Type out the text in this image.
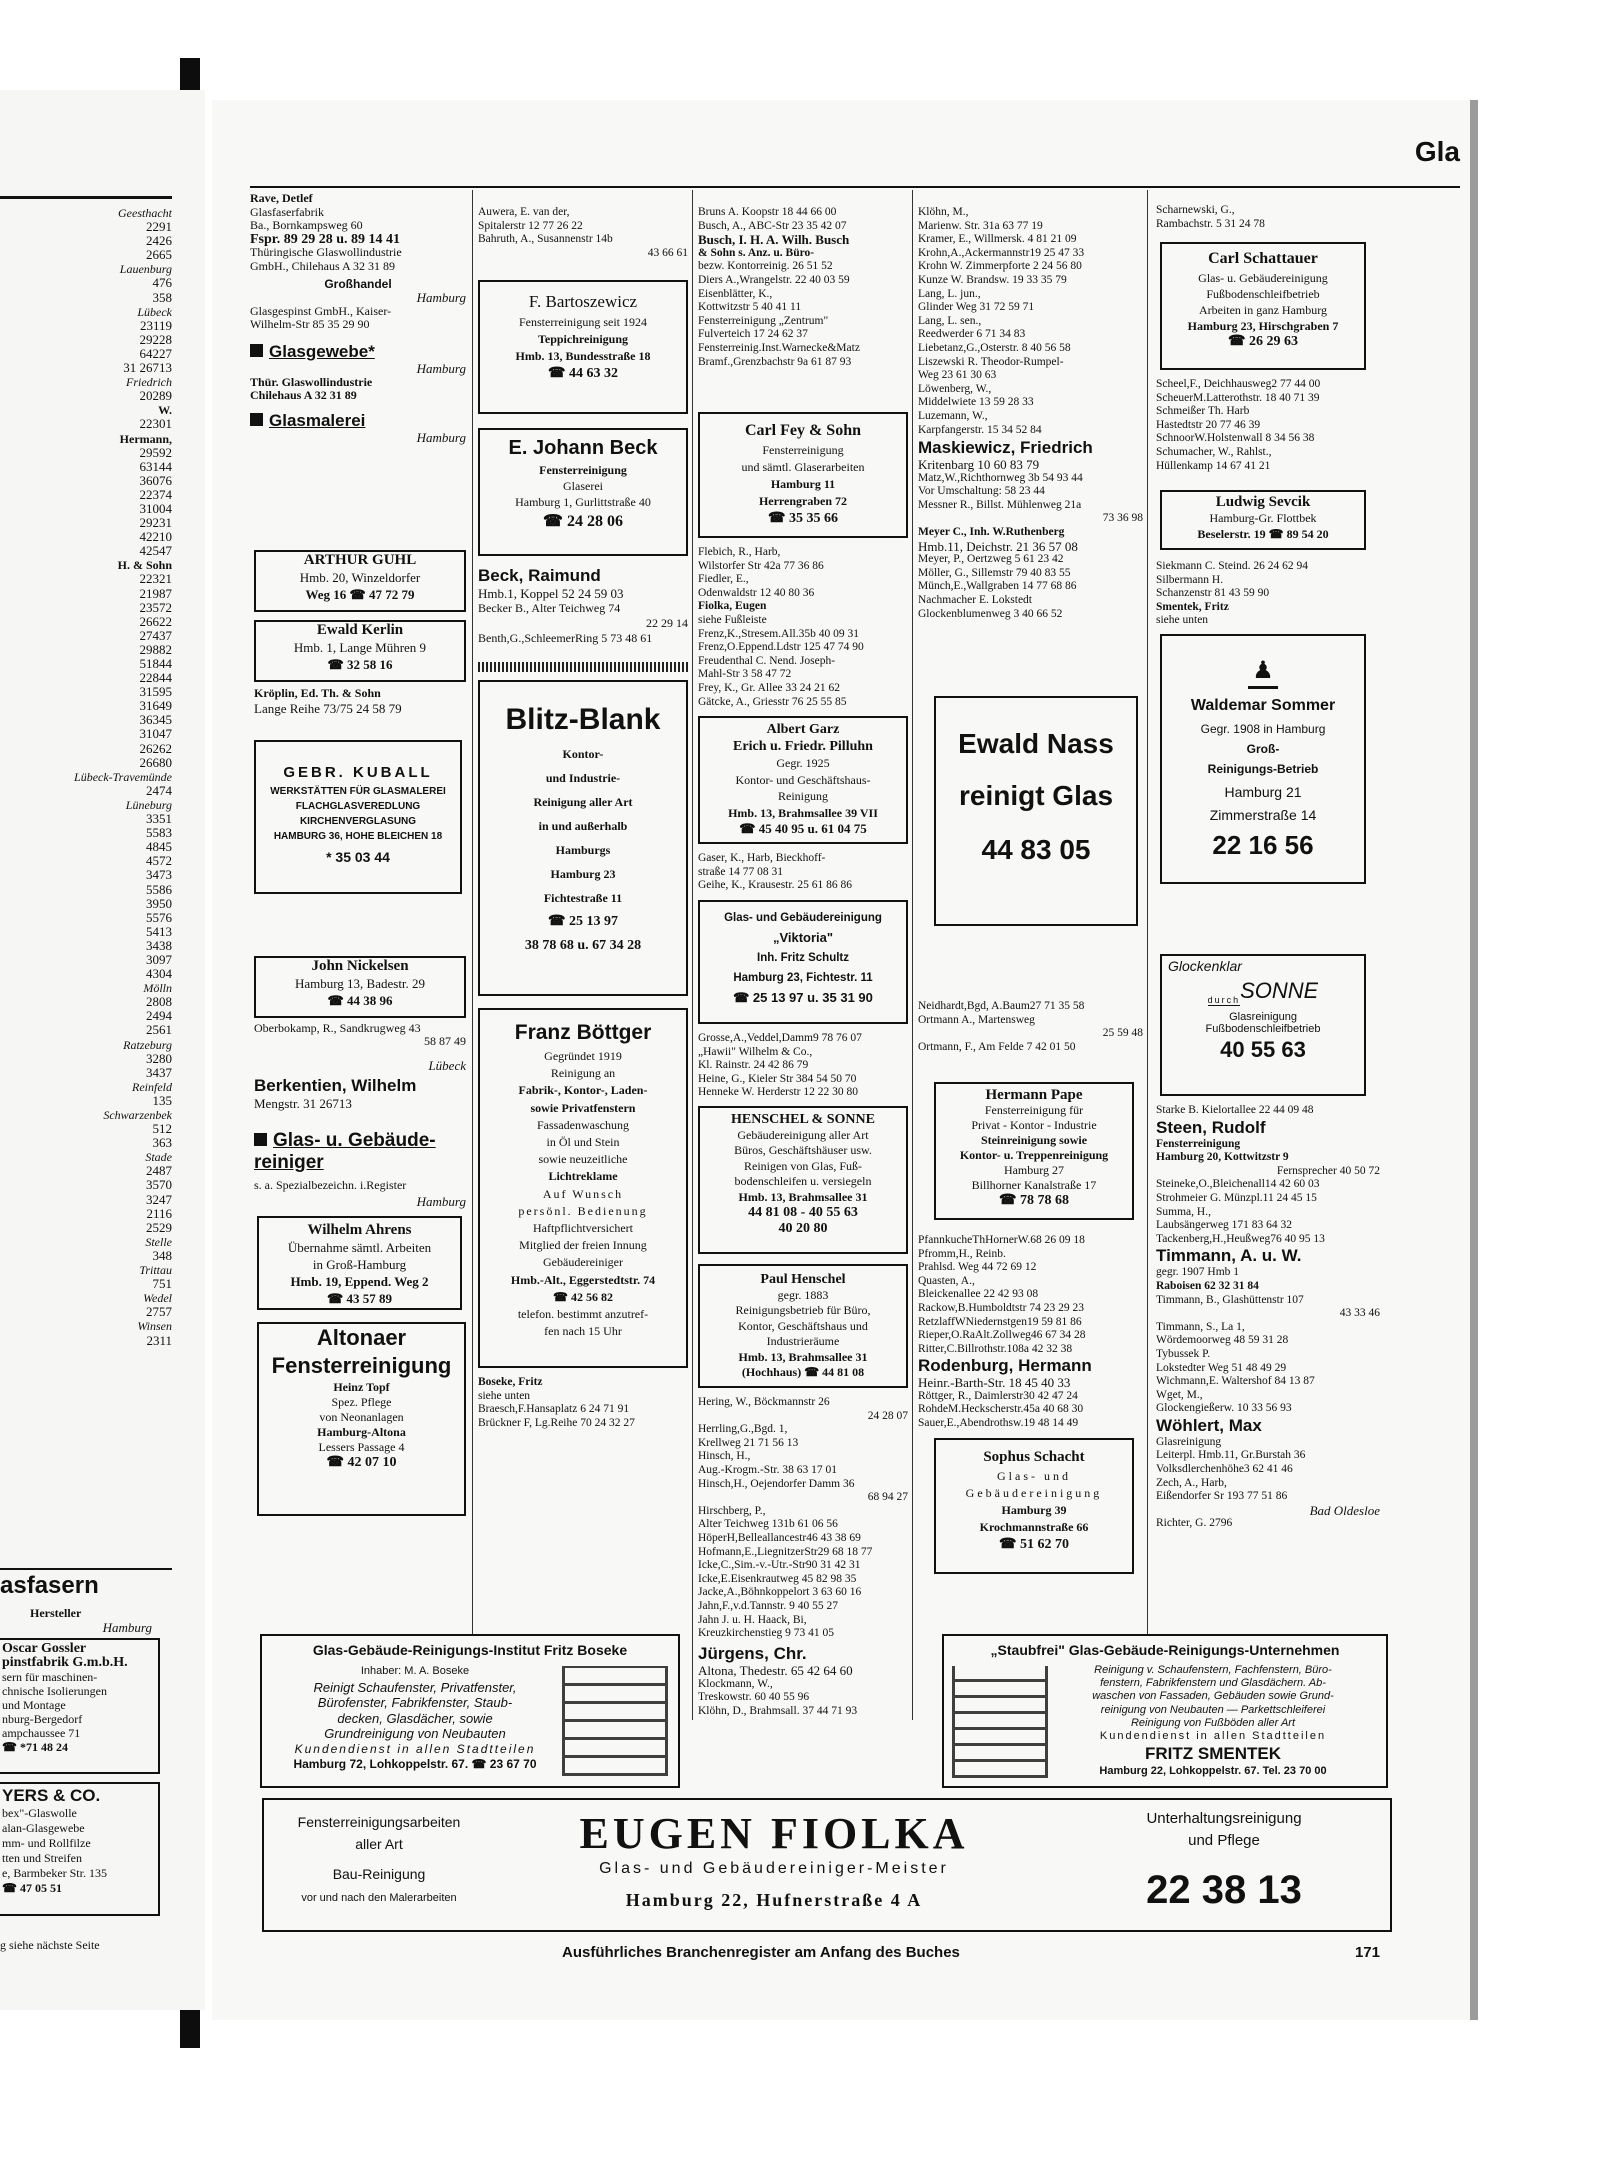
Geesthacht
2291
2426
2665
Lauenburg
476
358
Lübeck
23119
29228
64227
31 26713
Friedrich
20289
W.
22301
Hermann,
29592
63144
36076
22374
31004
29231
42210
42547
H. & Sohn
22321
21987
23572
26622
27437
29882
51844
22844
31595
31649
36345
31047
26262
26680
Lübeck-Travemünde
2474
Lüneburg
3351
5583
4845
4572
3473
5586
3950
5576
5413
3438
3097
4304
Mölln
2808
2494
2561
Ratzeburg
3280
3437
Reinfeld
135
Schwarzenbek
512
363
Stade
2487
3570
3247
2116
2529
Stelle
348
Trittau
751
Wedel
2757
Winsen
2311
asfasern
Hersteller
Hamburg
Oscar Gossler
pinstfabrik G.m.b.H.
sern für maschinen-
chnische Isolierungen
und Montage
nburg-Bergedorf
ampchaussee 71
☎ *71 48 24
YERS & CO.
bex"-Glaswolle
alan-Glasgewebe
mm- und Rollfilze
tten und Streifen
e, Barmbeker Str. 135
☎ 47 05 51
g siehe nächste Seite
Gla
Rave, Detlef
Glasfaserfabrik
Ba., Bornkampsweg 60
Fspr. 89 29 28 u. 89 14 41
Thüringische Glaswollindustrie
GmbH., Chilehaus A 32 31 89
Großhandel
Hamburg
Glasgespinst GmbH., Kaiser-
Wilhelm-Str 85 35 29 90
Glasgewebe*
Hamburg
Thür. Glaswollindustrie
Chilehaus A 32 31 89
Glasmalerei
Hamburg
ARTHUR GUHL
Hmb. 20, Winzeldorfer
Weg 16 ☎ 47 72 79
Ewald Kerlin
Hmb. 1, Lange Mühren 9
☎ 32 58 16
Kröplin, Ed. Th. & Sohn
Lange Reihe 73/75 24 58 79
GEBR. KUBALL
WERKSTÄTTEN FÜR GLASMALEREI
FLACHGLASVEREDLUNG
KIRCHENVERGLASUNG
HAMBURG 36, HOHE BLEICHEN 18
* 35 03 44
John Nickelsen
Hamburg 13, Badestr. 29
☎ 44 38 96
Oberbokamp, R., Sandkrugweg 43
58 87 49
Lübeck
Berkentien, Wilhelm
Mengstr. 31 26713
Glas- u. Gebäude-reiniger
s. a. Spezialbezeichn. i.Register
Hamburg
Wilhelm Ahrens
Übernahme sämtl. Arbeiten
in Groß-Hamburg
Hmb. 19, Eppend. Weg 2
☎ 43 57 89
Altonaer
Fensterreinigung
Heinz Topf
Spez. Pflege
von Neonanlagen
Hamburg-Altona
Lessers Passage 4
☎ 42 07 10
Auwera, E. van der,
Spitalerstr 12 77 26 22
Bahruth, A., Susannenstr 14b
43 66 61
F. Bartoszewicz
Fensterreinigung seit 1924
Teppichreinigung
Hmb. 13, Bundesstraße 18
☎ 44 63 32
E. Johann Beck
Fensterreinigung
Glaserei
Hamburg 1, Gurlittstraße 40
☎ 24 28 06
Beck, Raimund
Hmb.1, Koppel 52 24 59 03
Becker B., Alter Teichweg 74
22 29 14
Benth,G.,SchleemerRing 5 73 48 61
Blitz-Blank
Kontor-
und Industrie-
Reinigung aller Art
in und außerhalb
Hamburgs
Hamburg 23
Fichtestraße 11
☎ 25 13 97
38 78 68 u. 67 34 28
Franz Böttger
Gegründet 1919
Reinigung an
Fabrik-, Kontor-, Laden-
sowie Privatfenstern
Fassadenwaschung
in Öl und Stein
sowie neuzeitliche
Lichtreklame
Auf Wunsch
persönl. Bedienung
Haftpflichtversichert
Mitglied der freien Innung
Gebäudereiniger
Hmb.-Alt., Eggerstedtstr. 74
☎ 42 56 82
telefon. bestimmt anzutref-
fen nach 15 Uhr
Boseke, Fritz
siehe unten
Braesch,F.Hansaplatz 6 24 71 91
Brückner F, Lg.Reihe 70 24 32 27
Bruns A. Koopstr 18 44 66 00
Busch, A., ABC-Str 23 35 42 07
Busch, I. H. A. Wilh. Busch
& Sohn s. Anz. u. Büro-
bezw. Kontorreinig. 26 51 52
Diers A.,Wrangelstr. 22 40 03 59
Eisenblätter, K.,
Kottwitzstr 5 40 41 11
Fensterreinigung „Zentrum"
Fulverteich 17 24 62 37
Fensterreinig.Inst.Warnecke&Matz
Bramf.,Grenzbachstr 9a 61 87 93
Carl Fey & Sohn
Fensterreinigung
und sämtl. Glaserarbeiten
Hamburg 11
Herrengraben 72
☎ 35 35 66
Flebich, R., Harb,
Wilstorfer Str 42a 77 36 86
Fiedler, E.,
Odenwaldstr 12 40 80 36
Fiolka, Eugen
siehe Fußleiste
Frenz,K.,Stresem.All.35b 40 09 31
Frenz,O.Eppend.Ldstr 125 47 74 90
Freudenthal C. Nend. Joseph-
Mahl-Str 3 58 47 72
Frey, K., Gr. Allee 33 24 21 62
Gätcke, A., Griesstr 76 25 55 85
Albert Garz
Erich u. Friedr. Pilluhn
Gegr. 1925
Kontor- und Geschäftshaus-
Reinigung
Hmb. 13, Brahmsallee 39 VII
☎ 45 40 95 u. 61 04 75
Gaser, K., Harb, Bieckhoff-
straße 14 77 08 31
Geihe, K., Krausestr. 25 61 86 86
Glas- und Gebäudereinigung
„Viktoria"
Inh. Fritz Schultz
Hamburg 23, Fichtestr. 11
☎ 25 13 97 u. 35 31 90
Grosse,A.,Veddel,Damm9 78 76 07
„Hawii" Wilhelm & Co.,
Kl. Rainstr. 24 42 86 79
Heine, G., Kieler Str 384 54 50 70
Henneke W. Herderstr 12 22 30 80
HENSCHEL & SONNE
Gebäudereinigung aller Art
Büros, Geschäftshäuser usw.
Reinigen von Glas, Fuß-
bodenschleifen u. versiegeln
Hmb. 13, Brahmsallee 31
44 81 08 - 40 55 63
40 20 80
Paul Henschel
gegr. 1883
Reinigungsbetrieb für Büro,
Kontor, Geschäftshaus und
Industrieräume
Hmb. 13, Brahmsallee 31
(Hochhaus) ☎ 44 81 08
Hering, W., Böckmannstr 26
24 28 07
Herrling,G.,Bgd. 1,
Krellweg 21 71 56 13
Hinsch, H.,
Aug.-Krogm.-Str. 38 63 17 01
Hinsch,H., Oejendorfer Damm 36
68 94 27
Hirschberg, P.,
Alter Teichweg 131b 61 06 56
HöperH,Belleallancestr46 43 38 69
Hofmann,E.,LiegnitzerStr29 68 18 77
Icke,C.,Sim.-v.-Utr.-Str90 31 42 31
Icke,E.Eisenkrautweg 45 82 98 35
Jacke,A.,Böhnkoppelort 3 63 60 16
Jahn,F.,v.d.Tannstr. 9 40 55 27
Jahn J. u. H. Haack, Bi,
Kreuzkirchenstieg 9 73 41 05
Jürgens, Chr.
Altona, Thedestr. 65 42 64 60
Klockmann, W.,
Treskowstr. 60 40 55 96
Klöhn, D., Brahmsall. 37 44 71 93
Klöhn, M.,
Marienw. Str. 31a 63 77 19
Kramer, E., Willmersk. 4 81 21 09
Krohn,A.,Ackermannstr19 25 47 33
Krohn W. Zimmerpforte 2 24 56 80
Kunze W. Brandsw. 19 33 35 79
Lang, L. jun.,
Glinder Weg 31 72 59 71
Lang, L. sen.,
Reedwerder 6 71 34 83
Liebetanz,G.,Osterstr. 8 40 56 58
Liszewski R. Theodor-Rumpel-
Weg 23 61 30 63
Löwenberg, W.,
Middelwiete 13 59 28 33
Luzemann, W.,
Karpfangerstr. 15 34 52 84
Maskiewicz, Friedrich
Kritenbarg 10 60 83 79
Matz,W.,Richthornweg 3b 54 93 44
Vor Umschaltung: 58 23 44
Messner R., Billst. Mühlenweg 21a
73 36 98
Meyer C., Inh. W.Ruthenberg
Hmb.11, Deichstr. 21 36 57 08
Meyer, P., Oertzweg 5 61 23 42
Möller, G., Sillemstr 79 40 83 55
Münch,E.,Wallgraben 14 77 68 86
Nachmacher E. Lokstedt
Glockenblumenweg 3 40 66 52
Ewald Nass
reinigt Glas
44 83 05
Neidhardt,Bgd, A.Baum27 71 35 58
Ortmann A., Martensweg
25 59 48
Ortmann, F., Am Felde 7 42 01 50
Hermann Pape
Fensterreinigung für
Privat - Kontor - Industrie
Steinreinigung sowie
Kontor- u. Treppenreinigung
Hamburg 27
Billhorner Kanalstraße 17
☎ 78 78 68
PfannkucheThHornerW.68 26 09 18
Pfromm,H., Reinb.
Prahlsd. Weg 44 72 69 12
Quasten, A.,
Bleickenallee 22 42 93 08
Rackow,B.Humboldtstr 74 23 29 23
RetzlaffWNiedernstgen19 59 81 86
Rieper,O.RaAlt.Zollweg46 67 34 28
Ritter,C.Billrothstr.108a 42 32 38
Rodenburg, Hermann
Heinr.-Barth-Str. 18 45 40 33
Röttger, R., Daimlerstr30 42 47 24
RohdeM.Heckscherstr.45a 40 68 30
Sauer,E.,Abendrothsw.19 48 14 49
Sophus Schacht
Glas- und
Gebäudereinigung
Hamburg 39
Krochmannstraße 66
☎ 51 62 70
Scharnewski, G.,
Rambachstr. 5 31 24 78
Carl Schattauer
Glas- u. Gebäudereinigung
Fußbodenschleifbetrieb
Arbeiten in ganz Hamburg
Hamburg 23, Hirschgraben 7
☎ 26 29 63
Scheel,F., Deichhausweg2 77 44 00
ScheuerM.Latterothstr. 18 40 71 39
Schmeißer Th. Harb
Hastedtstr 20 77 46 39
SchnoorW.Holstenwall 8 34 56 38
Schumacher, W., Rahlst.,
Hüllenkamp 14 67 41 21
Ludwig Sevcik
Hamburg-Gr. Flottbek
Beselerstr. 19 ☎ 89 54 20
Siekmann C. Steind. 26 24 62 94
Silbermann H.
Schanzenstr 81 43 59 90
Smentek, Fritz
siehe unten
♟
Waldemar Sommer
Gegr. 1908 in Hamburg
Groß-
Reinigungs-Betrieb
Hamburg 21
Zimmerstraße 14
22 16 56
Glockenklar
durchSONNE
Glasreinigung
Fußbodenschleifbetrieb
40 55 63
Starke B. Kielortallee 22 44 09 48
Steen, Rudolf
Fensterreinigung
Hamburg 20, Kottwitzstr 9
Fernsprecher 40 50 72
Steineke,O.,Bleichenall14 42 60 03
Strohmeier G. Münzpl.11 24 45 15
Summa, H.,
Laubsängerweg 171 83 64 32
Tackenberg,H.,Heußweg76 40 95 13
Timmann, A. u. W.
gegr. 1907 Hmb 1
Raboisen 62 32 31 84
Timmann, B., Glashüttenstr 107
43 33 46
Timmann, S., La 1,
Wördemoorweg 48 59 31 28
Tybussek P.
Lokstedter Weg 51 48 49 29
Wichmann,E. Waltershof 84 13 87
Wget, M.,
Glockengießerw. 10 33 56 93
Wöhlert, Max
Glasreinigung
Leiterpl. Hmb.11, Gr.Burstah 36
Volksdlerchenhöhe3 62 41 46
Zech, A., Harb,
Eißendorfer Sr 193 77 51 86
Bad Oldesloe
Richter, G. 2796
Glas-Gebäude-Reinigungs-Institut Fritz Boseke
Inhaber: M. A. Boseke
Reinigt Schaufenster, Privatfenster,
Bürofenster, Fabrikfenster, Staub-
decken, Glasdächer, sowie
Grundreinigung von Neubauten
Kundendienst in allen Stadtteilen
Hamburg 72, Lohkoppelstr. 67. ☎ 23 67 70
„Staubfrei" Glas-Gebäude-Reinigungs-Unternehmen
Reinigung v. Schaufenstern, Fachfenstern, Büro-
fenstern, Fabrikfenstern und Glasdächern. Ab-
waschen von Fassaden, Gebäuden sowie Grund-
reinigung von Neubauten — Parkettschleiferei
Reinigung von Fußböden aller Art
Kundendienst in allen Stadtteilen
FRITZ SMENTEK
Hamburg 22, Lohkoppelstr. 67. Tel. 23 70 00
Fensterreinigungsarbeiten
aller Art
Bau-Reinigung
vor und nach den Malerarbeiten
EUGEN FIOLKA
Glas- und Gebäudereiniger-Meister
Hamburg 22, Hufnerstraße 4 A
Unterhaltungsreinigung
und Pflege
22 38 13
Ausführliches Branchenregister am Anfang des Buches	171
